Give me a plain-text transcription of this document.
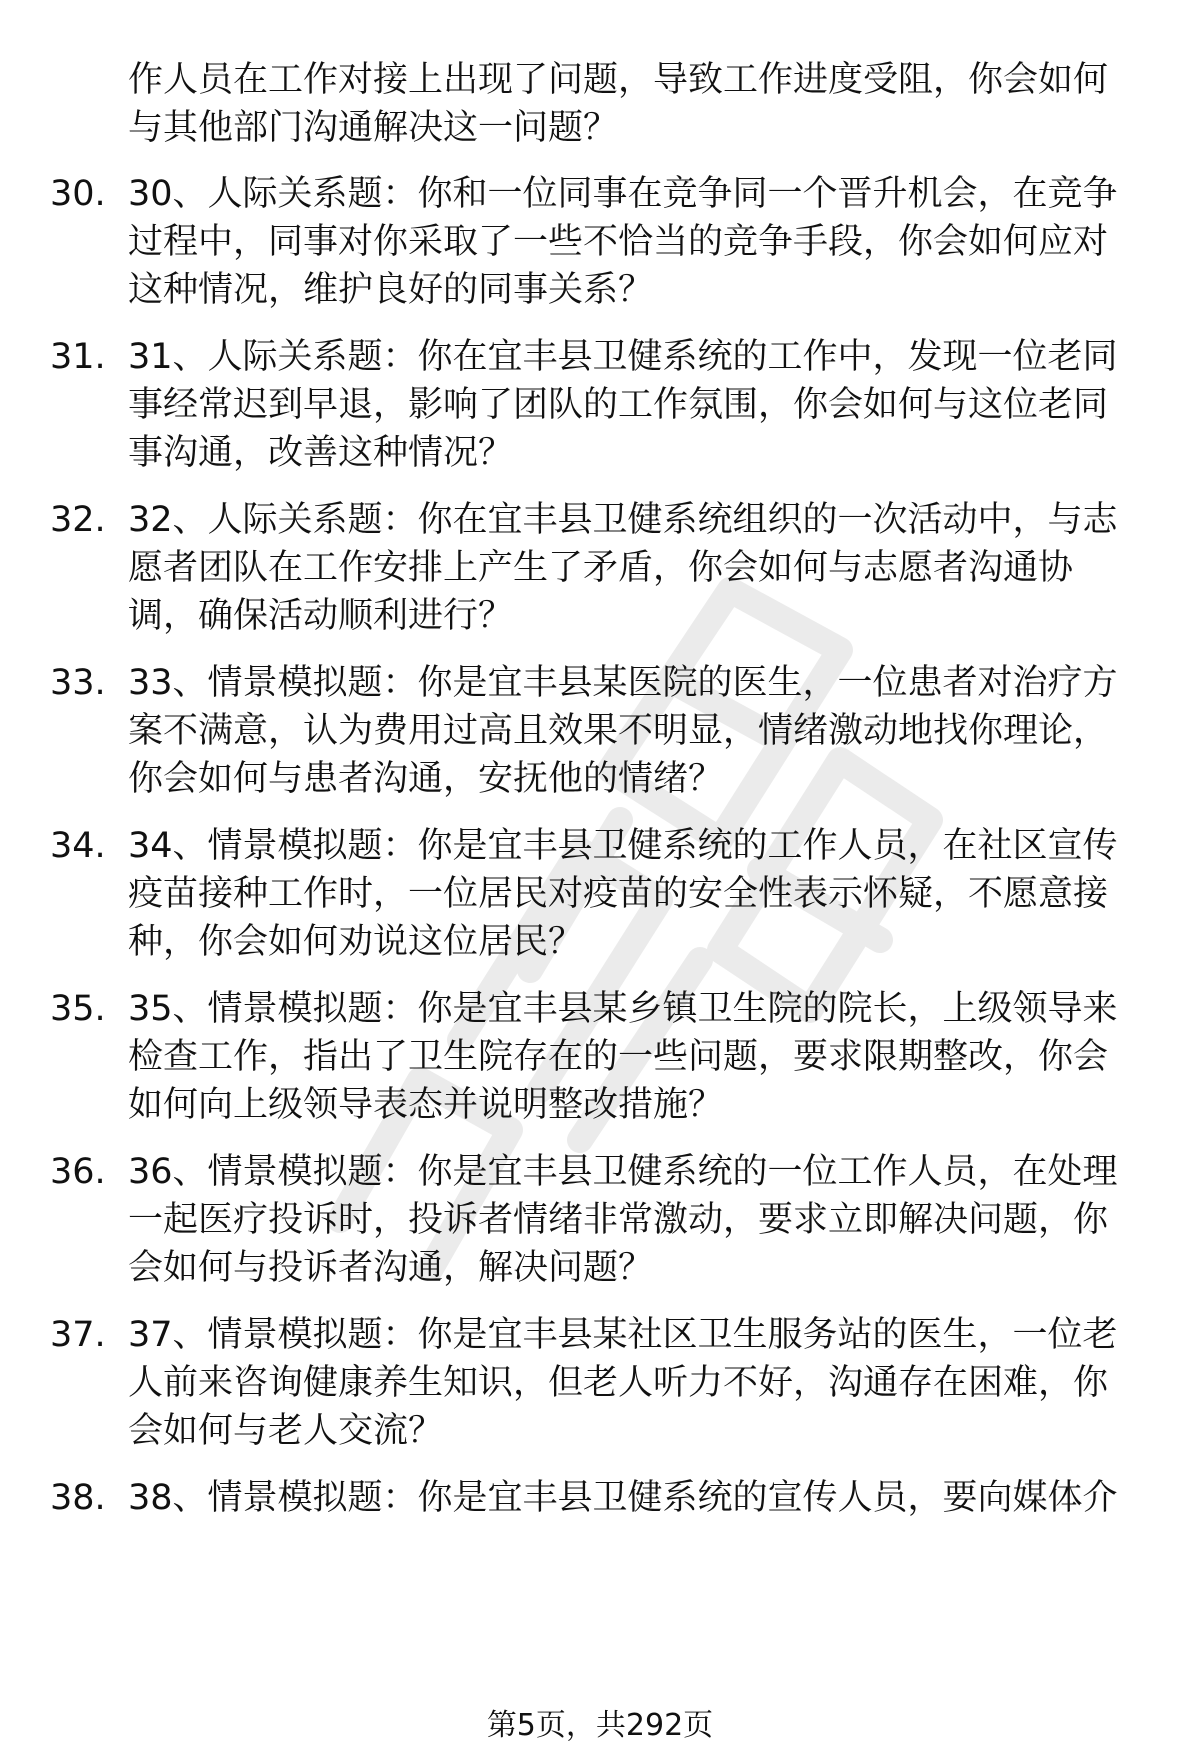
作人员在工作对接上出现了问题，导致工作进度受阻，你会如何
与其他部门沟通解决这一问题？
30. 30、人际关系题：你和一位同事在竞争同一个晋升机会，在竞争
过程中，同事对你采取了一些不恰当的竞争手段，你会如何应对
这种情况，维护良好的同事关系？
31. 31、人际关系题：你在宜丰县卫健系统的工作中，发现一位老同
事经常迟到早退，影响了团队的工作氛围，你会如何与这位老同
事沟通，改善这种情况？
32. 32、人际关系题：你在宜丰县卫健系统组织的一次活动中，与志
愿者团队在工作安排上产生了矛盾，你会如何与志愿者沟通协
调，确保活动顺利进行？
33. 33、情景模拟题：你是宜丰县某医院的医生，一位患者对治疗方
案不满意，认为费用过高且效果不明显，情绪激动地找你理论，
你会如何与患者沟通，安抚他的情绪？
34. 34、情景模拟题：你是宜丰县卫健系统的工作人员，在社区宣传
疫苗接种工作时，一位居民对疫苗的安全性表示怀疑，不愿意接
种，你会如何劝说这位居民？
35. 35、情景模拟题：你是宜丰县某乡镇卫生院的院长，上级领导来
检查工作，指出了卫生院存在的一些问题，要求限期整改，你会
如何向上级领导表态并说明整改措施？
36. 36、情景模拟题：你是宜丰县卫健系统的一位工作人员，在处理
一起医疗投诉时，投诉者情绪非常激动，要求立即解决问题，你
会如何与投诉者沟通，解决问题？
37. 37、情景模拟题：你是宜丰县某社区卫生服务站的医生，一位老
人前来咨询健康养生知识，但老人听力不好，沟通存在困难，你
会如何与老人交流？
38. 38、情景模拟题：你是宜丰县卫健系统的宣传人员，要向媒体介
第5页，共292页
